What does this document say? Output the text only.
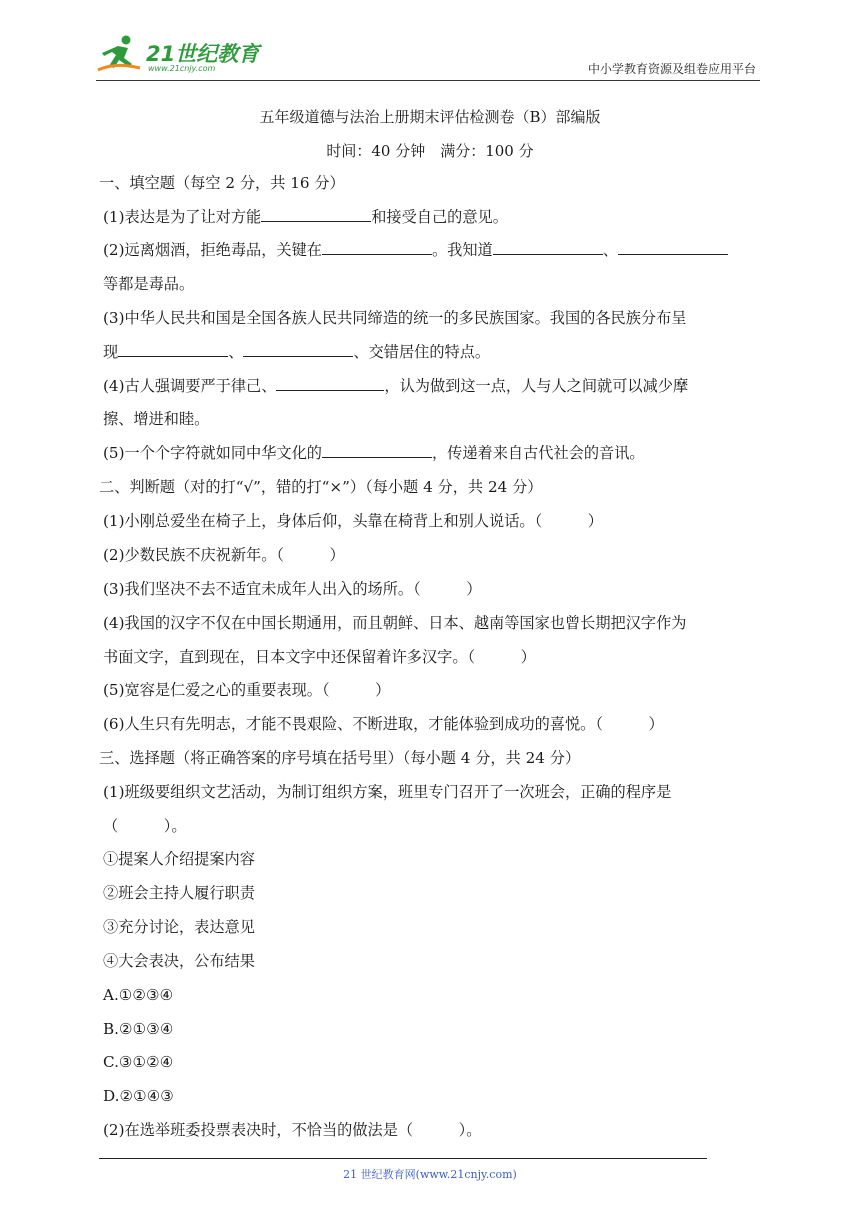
21世纪教育
www.21cnjy.com	中小学教育资源及组卷应用平台
五年级道德与法治上册期末评估检测卷（B）部编版
时间：40 分钟　满分：100 分
一、填空题（每空 2 分，共 16 分）
(1)表达是为了让对方能	和接受自己的意见。
(2)远离烟酒，拒绝毒品，关键在	。我知道	、
等都是毒品。
(3)中华人民共和国是全国各族人民共同缔造的统一的多民族国家。我国的各民族分布呈
现	、	、交错居住的特点。
(4)古人强调要严于律己、	，认为做到这一点，人与人之间就可以减少摩
擦、增进和睦。
(5)一个个字符就如同中华文化的	，传递着来自古代社会的音讯。
二、判断题（对的打“√”，错的打“×”）（每小题 4 分，共 24 分）
(1)小刚总爱坐在椅子上，身体后仰，头靠在椅背上和别人说话。（　　　）
(2)少数民族不庆祝新年。（　　　）
(3)我们坚决不去不适宜未成年人出入的场所。（　　　）
(4)我国的汉字不仅在中国长期通用，而且朝鲜、日本、越南等国家也曾长期把汉字作为
书面文字，直到现在，日本文字中还保留着许多汉字。（　　　）
(5)宽容是仁爱之心的重要表现。（　　　）
(6)人生只有先明志，才能不畏艰险、不断进取，才能体验到成功的喜悦。（　　　）
三、选择题（将正确答案的序号填在括号里）（每小题 4 分，共 24 分）
(1)班级要组织文艺活动，为制订组织方案，班里专门召开了一次班会，正确的程序是
（　　　）。
①提案人介绍提案内容
②班会主持人履行职责
③充分讨论，表达意见
④大会表决，公布结果
A.①②③④
B.②①③④
C.③①②④
D.②①④③
(2)在选举班委投票表决时，不恰当的做法是（　　　）。
21 世纪教育网(www.21cnjy.com)
